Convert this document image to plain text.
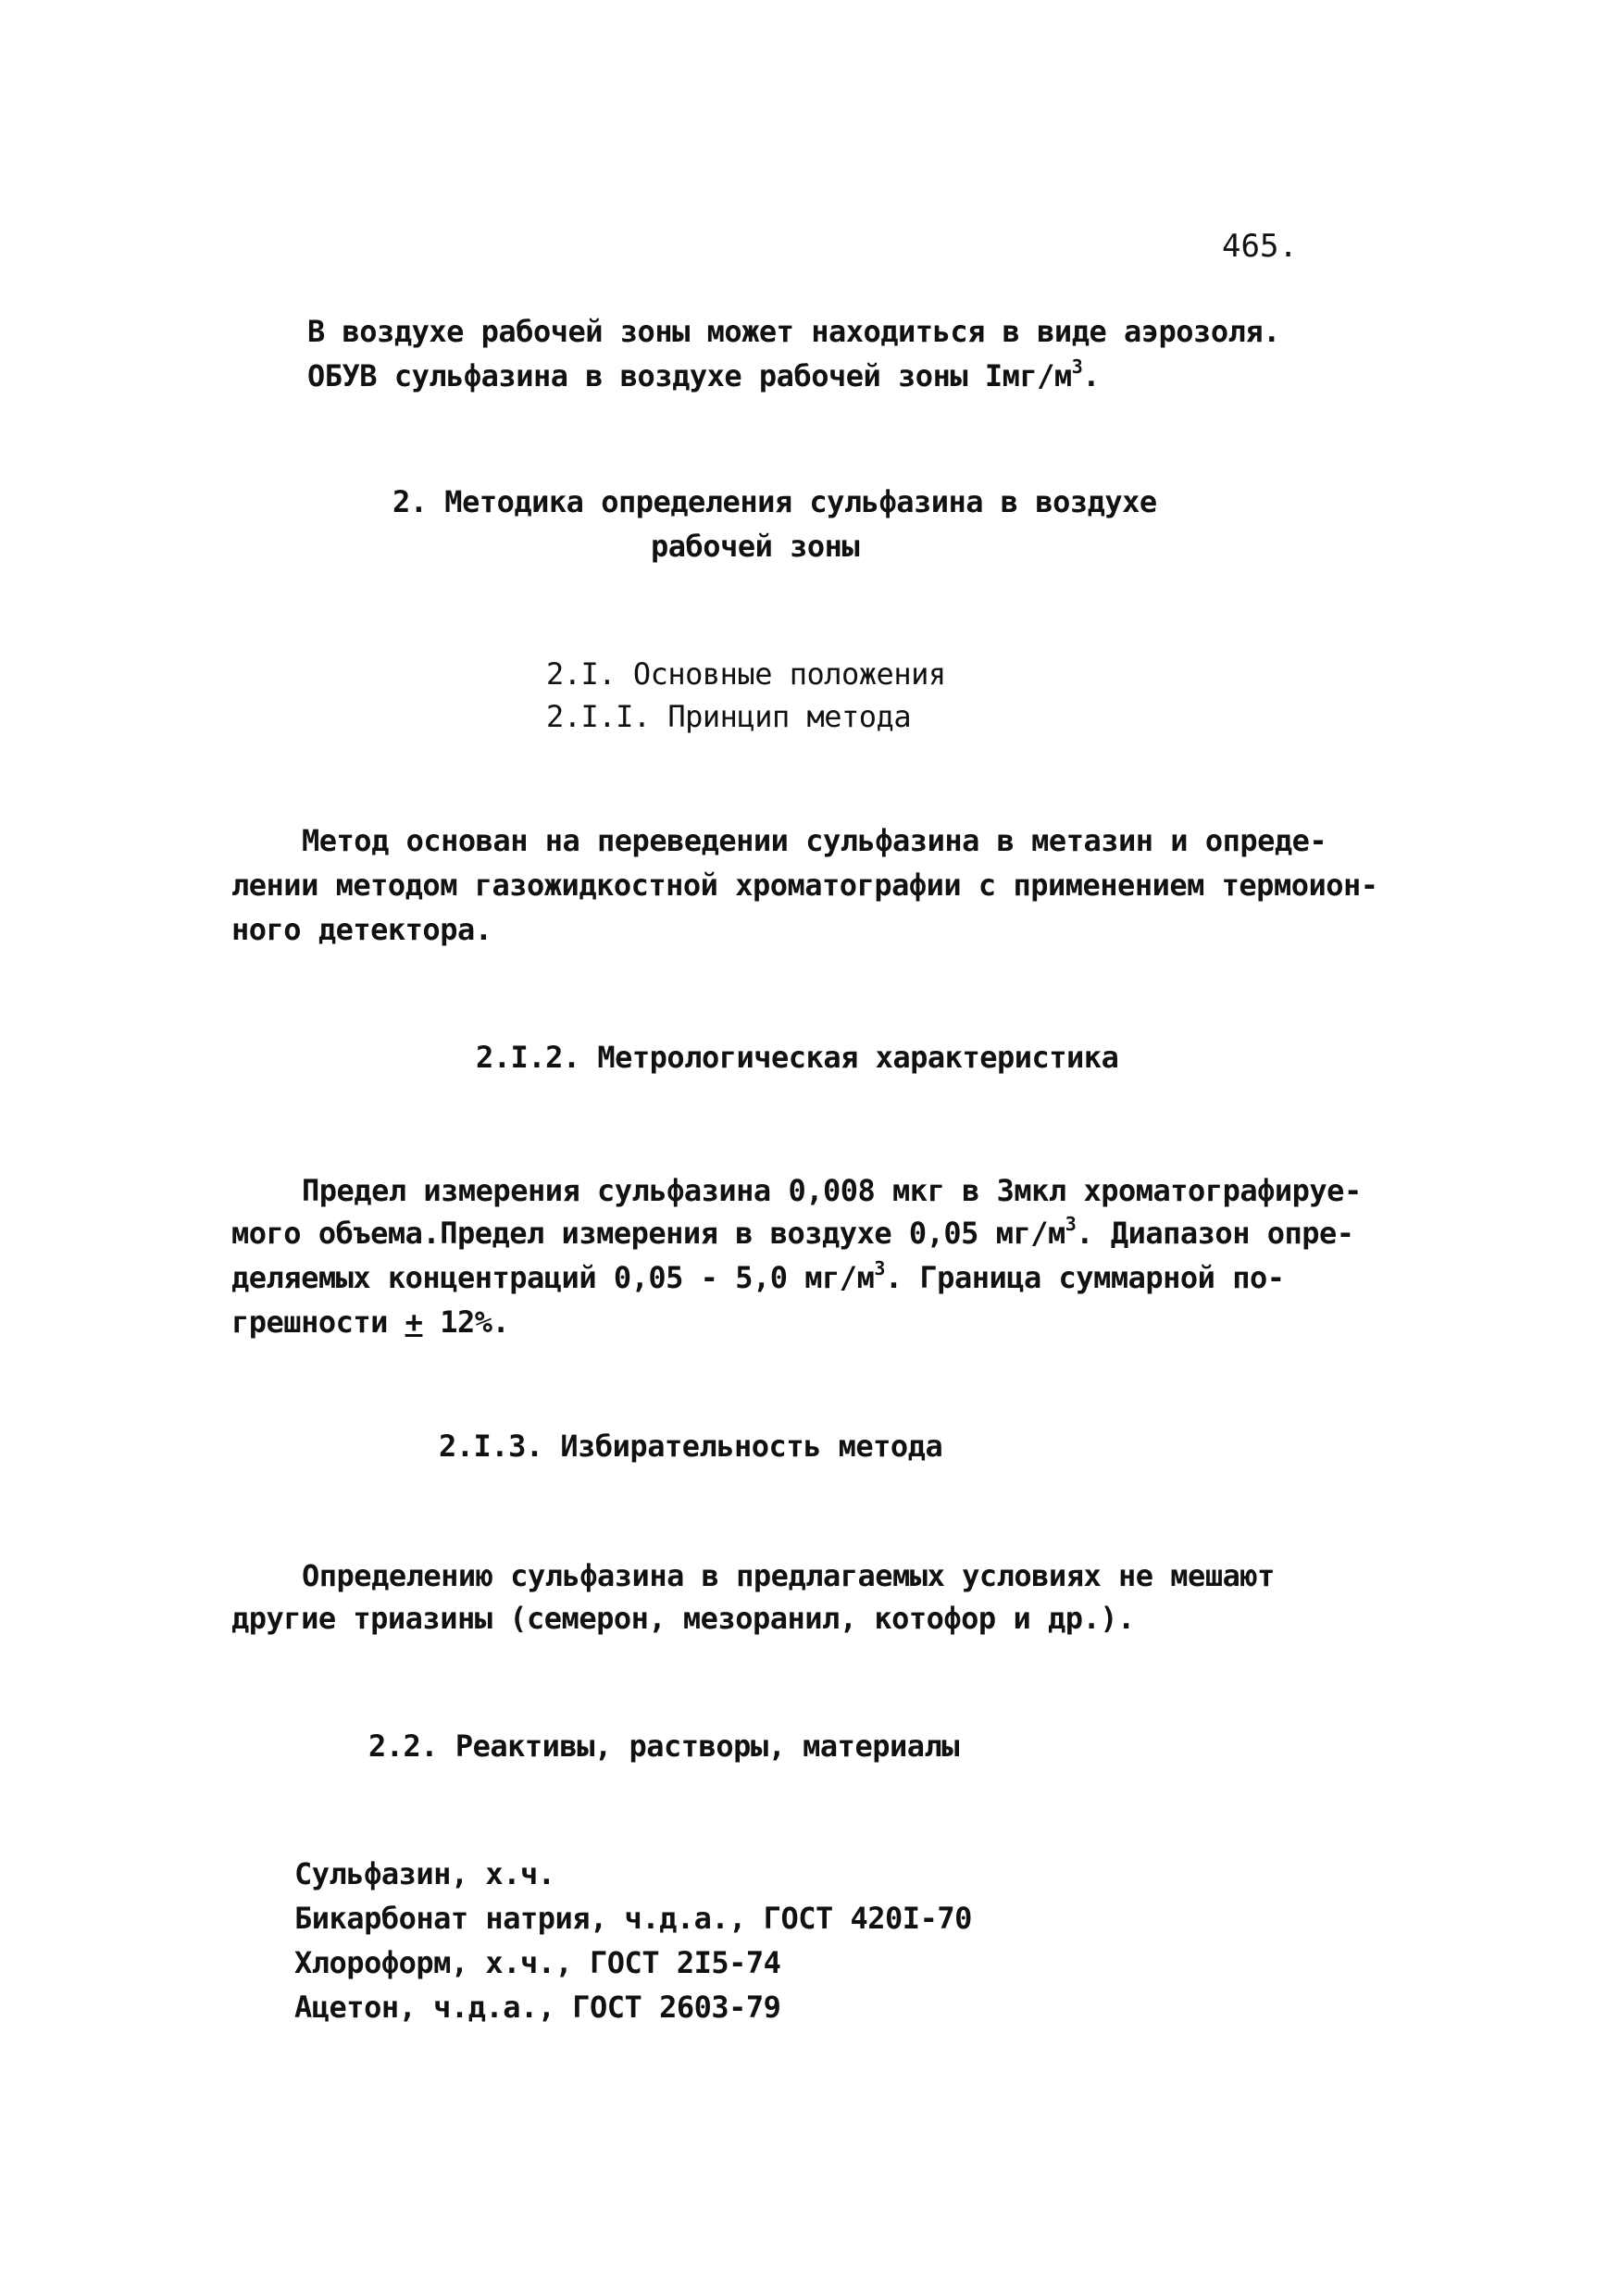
465.
В воздухе рабочей зоны может находиться в виде аэрозоля.
ОБУВ сульфазина в воздухе рабочей зоны Iмг/$м^3$.
2. Методика определения сульфазина в воздухе
рабочей зоны
2.I. Основные положения
2.I.I. Принцип метода
Метод основан на переведении сульфазина в метазин и опреде-
лении методом газожидкостной хроматографии с применением термоион-
ного детектора.
2.I.2. Метрологическая характеристика
Предел измерения сульфазина 0,008 мкг в 3мкл хроматографируе-
мого объема.Предел измерения в воздухе 0,05 $мг/м^3$. Диапазон опре-
деляемых концентраций 0,05 - 5,0 $мг/м^3$. Граница суммарной по-
грешности + 12%.
2.I.3. Избирательность метода
Определению сульфазина в предлагаемых условиях не мешают
другие триазины (семерон, мезоранил, котофор и др.).
2.2. Реактивы, растворы, материалы
Сульфазин, х.ч.
Бикарбонат натрия, ч.д.а., ГОСТ 420I-70
Хлороформ, х.ч., ГОСТ 2I5-74
Ацетон, ч.д.а., ГОСТ 2603-79
